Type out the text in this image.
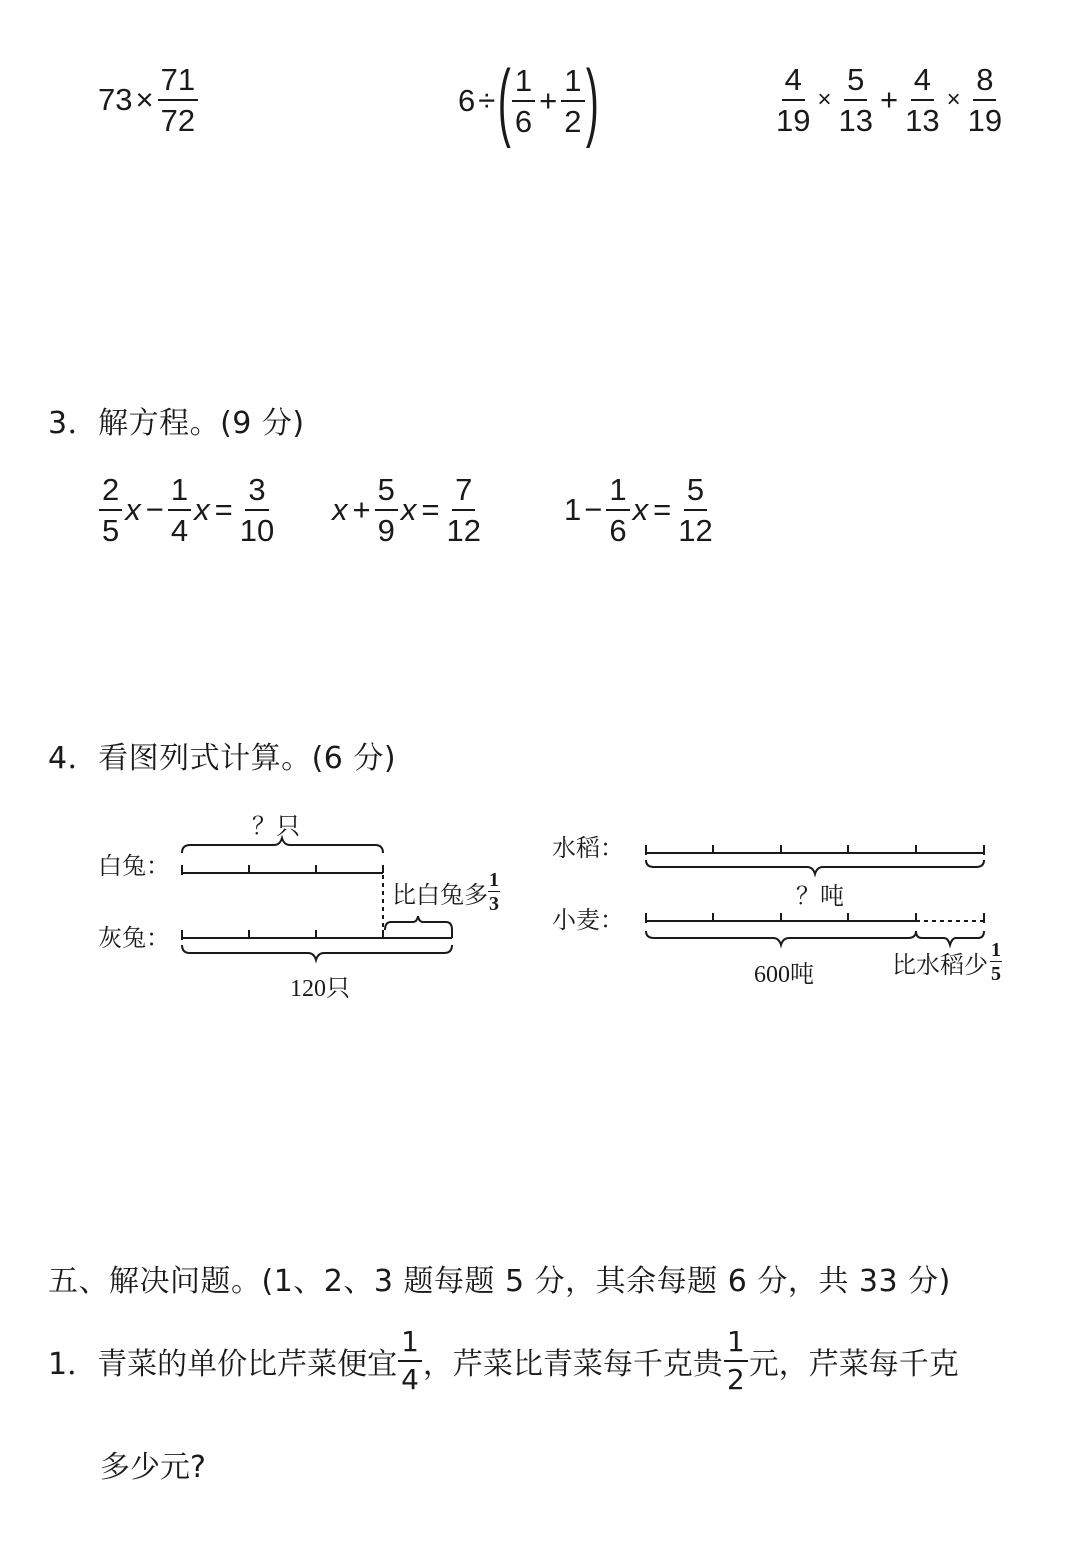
$73 \times \frac{71}{72}$	6 ÷ ( $\frac{1}{6} + \frac{1}{2}$ )	$\frac{4}{19} \times \frac{5}{13} + \frac{4}{13} \times \frac{8}{19}$
3．解方程。(9 分)
$\frac{2}{5}$ $x - \frac{1}{4}$ $x = \frac{3}{10}$ $x + \frac{5}{9}$ $x = \frac{7}{12}$	$1 - \frac{1}{6}$ $x = \frac{5}{12}$
4．看图列式计算。(6 分)
？只
白兔：
灰兔：
比白兔多 $\frac{1}{3}$
120只
水稻：
小麦：
？吨
600吨	比水稻少 $\frac{1}{5}$
五、解决问题。(1、2、3 题每题 5 分，其余每题 6 分，共 33 分)
1． 青菜的单价比芹菜便宜 $\frac{1}{4}$ ，芹菜比青菜每千克贵 $\frac{1}{2}$ 元，芹菜每千克
多少元?
